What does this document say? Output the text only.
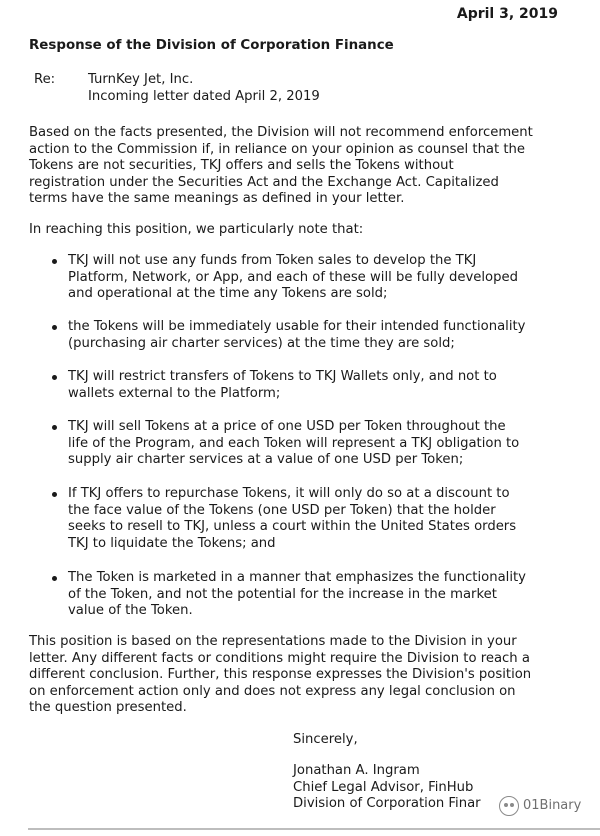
April 3, 2019
Response of the Division of Corporation Finance
Re: TurnKey Jet, Inc.
Incoming letter dated April 2, 2019
Based on the facts presented, the Division will not recommend enforcement
action to the Commission if, in reliance on your opinion as counsel that the
Tokens are not securities, TKJ offers and sells the Tokens without
registration under the Securities Act and the Exchange Act. Capitalized
terms have the same meanings as defined in your letter.
In reaching this position, we particularly note that:
TKJ will not use any funds from Token sales to develop the TKJ
Platform, Network, or App, and each of these will be fully developed
and operational at the time any Tokens are sold;
the Tokens will be immediately usable for their intended functionality
(purchasing air charter services) at the time they are sold;
TKJ will restrict transfers of Tokens to TKJ Wallets only, and not to
wallets external to the Platform;
TKJ will sell Tokens at a price of one USD per Token throughout the
life of the Program, and each Token will represent a TKJ obligation to
supply air charter services at a value of one USD per Token;
If TKJ offers to repurchase Tokens, it will only do so at a discount to
the face value of the Tokens (one USD per Token) that the holder
seeks to resell to TKJ, unless a court within the United States orders
TKJ to liquidate the Tokens; and
The Token is marketed in a manner that emphasizes the functionality
of the Token, and not the potential for the increase in the market
value of the Token.
This position is based on the representations made to the Division in your
letter. Any different facts or conditions might require the Division to reach a
different conclusion. Further, this response expresses the Division's position
on enforcement action only and does not express any legal conclusion on
the question presented.
Sincerely,
Jonathan A. Ingram
Chief Legal Advisor, FinHub
Division of Corporation Finar	01Binary
